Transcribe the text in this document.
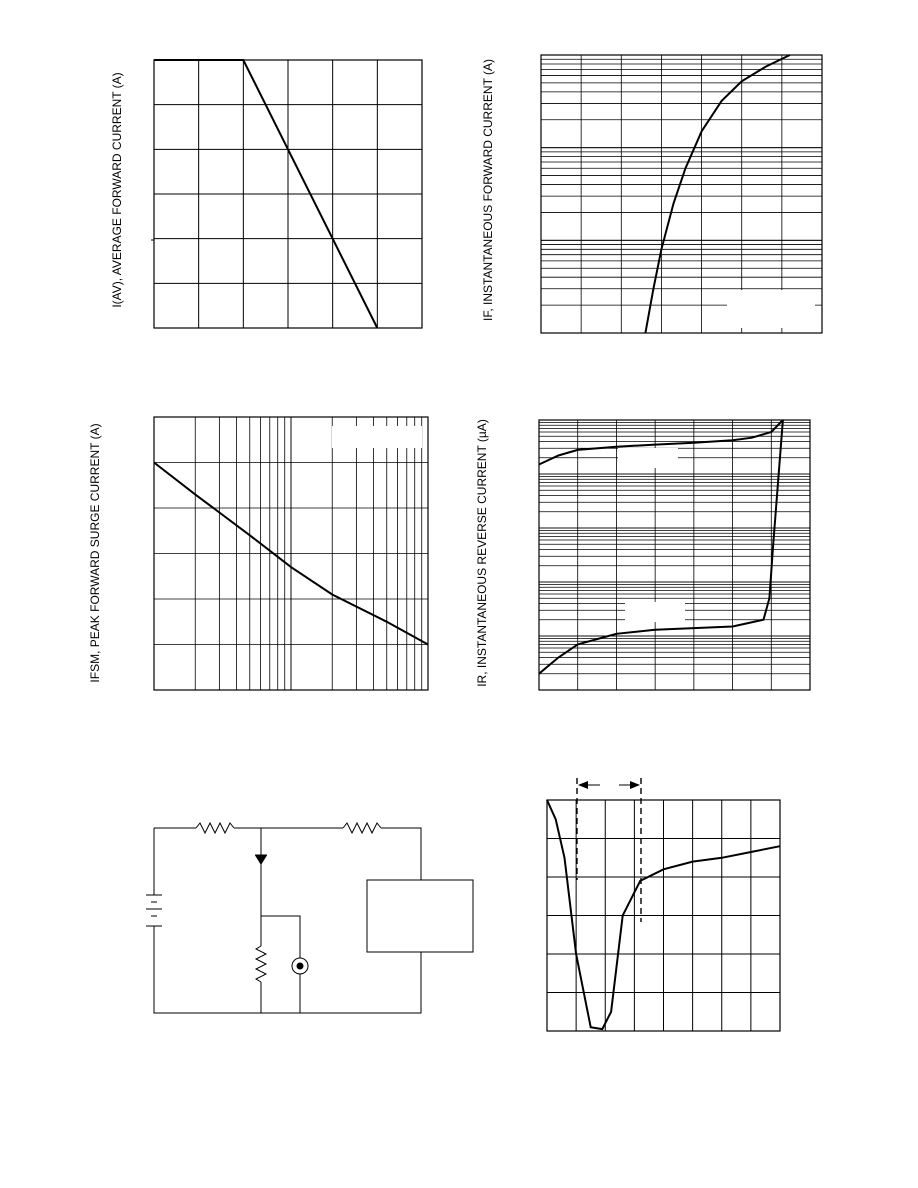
I(AV), AVERAGE FORWARD CURRENT (A)	IF, INSTANTANEOUS FORWARD CURRENT (A)
IFSM, PEAK FORWARD SURGE CURRENT (A)	IR, INSTANTANEOUS REVERSE CURRENT (µA)
